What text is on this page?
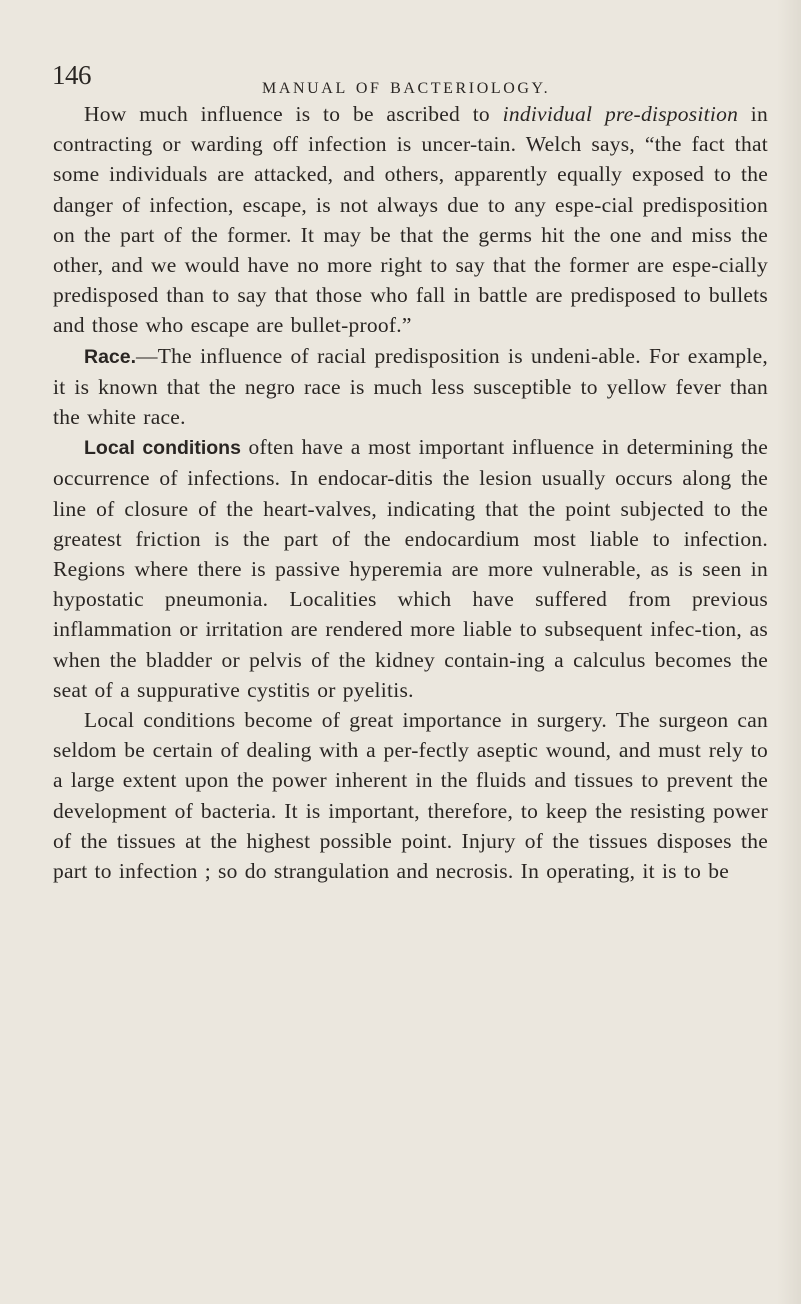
146	MANUAL OF BACTERIOLOGY.

How much influence is to be ascribed to individual pre-disposition in contracting or warding off infection is uncer-tain. Welch says, “the fact that some individuals are attacked, and others, apparently equally exposed to the danger of infection, escape, is not always due to any espe-cial predisposition on the part of the former. It may be that the germs hit the one and miss the other, and we would have no more right to say that the former are espe-cially predisposed than to say that those who fall in battle are predisposed to bullets and those who escape are bullet-proof.”

Race.—The influence of racial predisposition is undeni-able. For example, it is known that the negro race is much less susceptible to yellow fever than the white race.

Local conditions often have a most important influence in determining the occurrence of infections. In endocar-ditis the lesion usually occurs along the line of closure of the heart-valves, indicating that the point subjected to the greatest friction is the part of the endocardium most liable to infection. Regions where there is passive hyperemia are more vulnerable, as is seen in hypostatic pneumonia. Localities which have suffered from previous inflammation or irritation are rendered more liable to subsequent infec-tion, as when the bladder or pelvis of the kidney contain-ing a calculus becomes the seat of a suppurative cystitis or pyelitis.

Local conditions become of great importance in surgery. The surgeon can seldom be certain of dealing with a per-fectly aseptic wound, and must rely to a large extent upon the power inherent in the fluids and tissues to prevent the development of bacteria. It is important, therefore, to keep the resisting power of the tissues at the highest possible point. Injury of the tissues disposes the part to infection ; so do strangulation and necrosis. In operating, it is to be
